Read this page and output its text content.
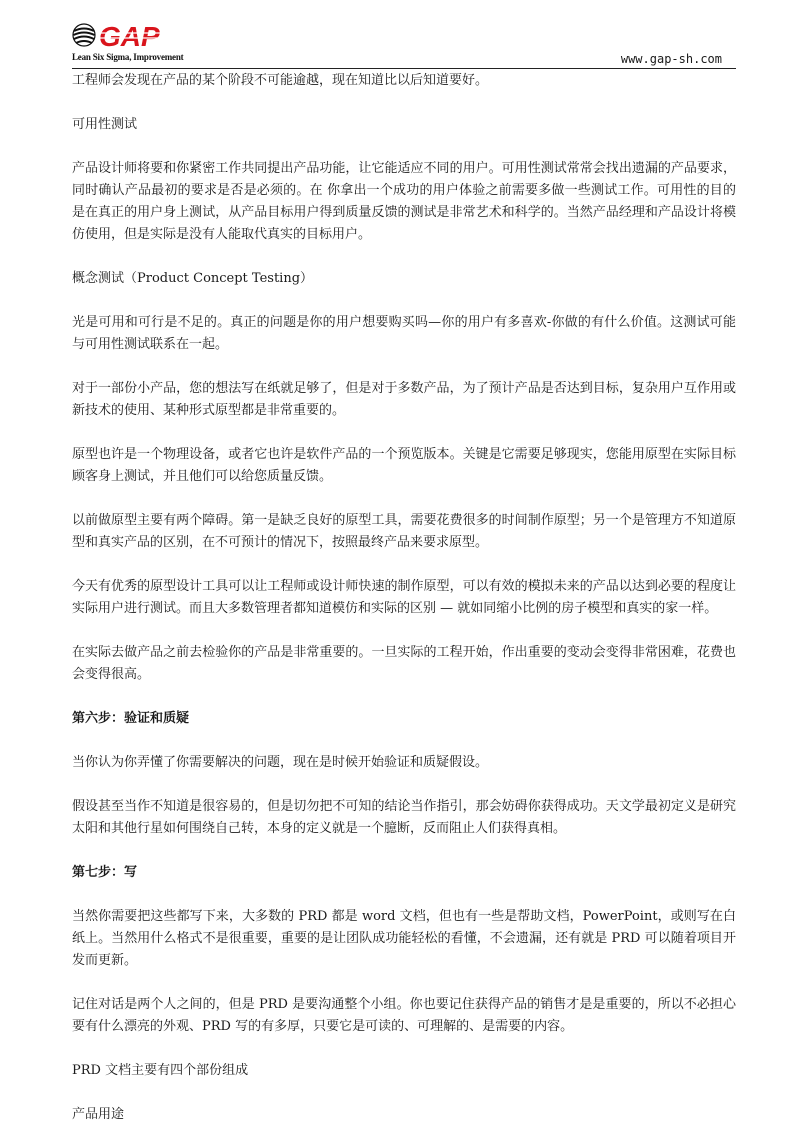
GAP
Lean Six Sigma, Improvement	www.gap-sh.com

工程师会发现在产品的某个阶段不可能逾越，现在知道比以后知道要好。

可用性测试

产品设计师将要和你紧密工作共同提出产品功能，让它能适应不同的用户。可用性测试常常会找出遗漏的产品要求，同时确认产品最初的要求是否是必须的。在 你拿出一个成功的用户体验之前需要多做一些测试工作。可用性的目的是在真正的用户身上测试，从产品目标用户得到质量反馈的测试是非常艺术和科学的。当然产品经理和产品设计将模仿使用，但是实际是没有人能取代真实的目标用户。

概念测试（Product Concept Testing）

光是可用和可行是不足的。真正的问题是你的用户想要购买吗—你的用户有多喜欢-你做的有什么价值。这测试可能与可用性测试联系在一起。

对于一部份小产品，您的想法写在纸就足够了，但是对于多数产品，为了预计产品是否达到目标，复杂用户互作用或新技术的使用、某种形式原型都是非常重要的。

原型也许是一个物理设备，或者它也许是软件产品的一个预览版本。关键是它需要足够现实，您能用原型在实际目标顾客身上测试，并且他们可以给您质量反馈。

以前做原型主要有两个障碍。第一是缺乏良好的原型工具，需要花费很多的时间制作原型；另一个是管理方不知道原型和真实产品的区别，在不可预计的情况下，按照最终产品来要求原型。

今天有优秀的原型设计工具可以让工程师或设计师快速的制作原型，可以有效的模拟未来的产品以达到必要的程度让实际用户进行测试。而且大多数管理者都知道模仿和实际的区别 — 就如同缩小比例的房子模型和真实的家一样。

在实际去做产品之前去检验你的产品是非常重要的。一旦实际的工程开始，作出重要的变动会变得非常困难，花费也会变得很高。

第六步：验证和质疑

当你认为你弄懂了你需要解决的问题，现在是时候开始验证和质疑假设。

假设甚至当作不知道是很容易的，但是切勿把不可知的结论当作指引，那会妨碍你获得成功。天文学最初定义是研究太阳和其他行星如何围绕自己转，本身的定义就是一个臆断，反而阻止人们获得真相。

第七步：写

当然你需要把这些都写下来，大多数的 PRD 都是 word 文档，但也有一些是帮助文档，PowerPoint，或则写在白纸上。当然用什么格式不是很重要，重要的是让团队成功能轻松的看懂，不会遗漏，还有就是 PRD 可以随着项目开发而更新。

记住对话是两个人之间的，但是 PRD 是要沟通整个小组。你也要记住获得产品的销售才是是重要的，所以不必担心要有什么漂亮的外观、PRD 写的有多厚，只要它是可读的、可理解的、是需要的内容。

PRD 文档主要有四个部份组成

产品用途
